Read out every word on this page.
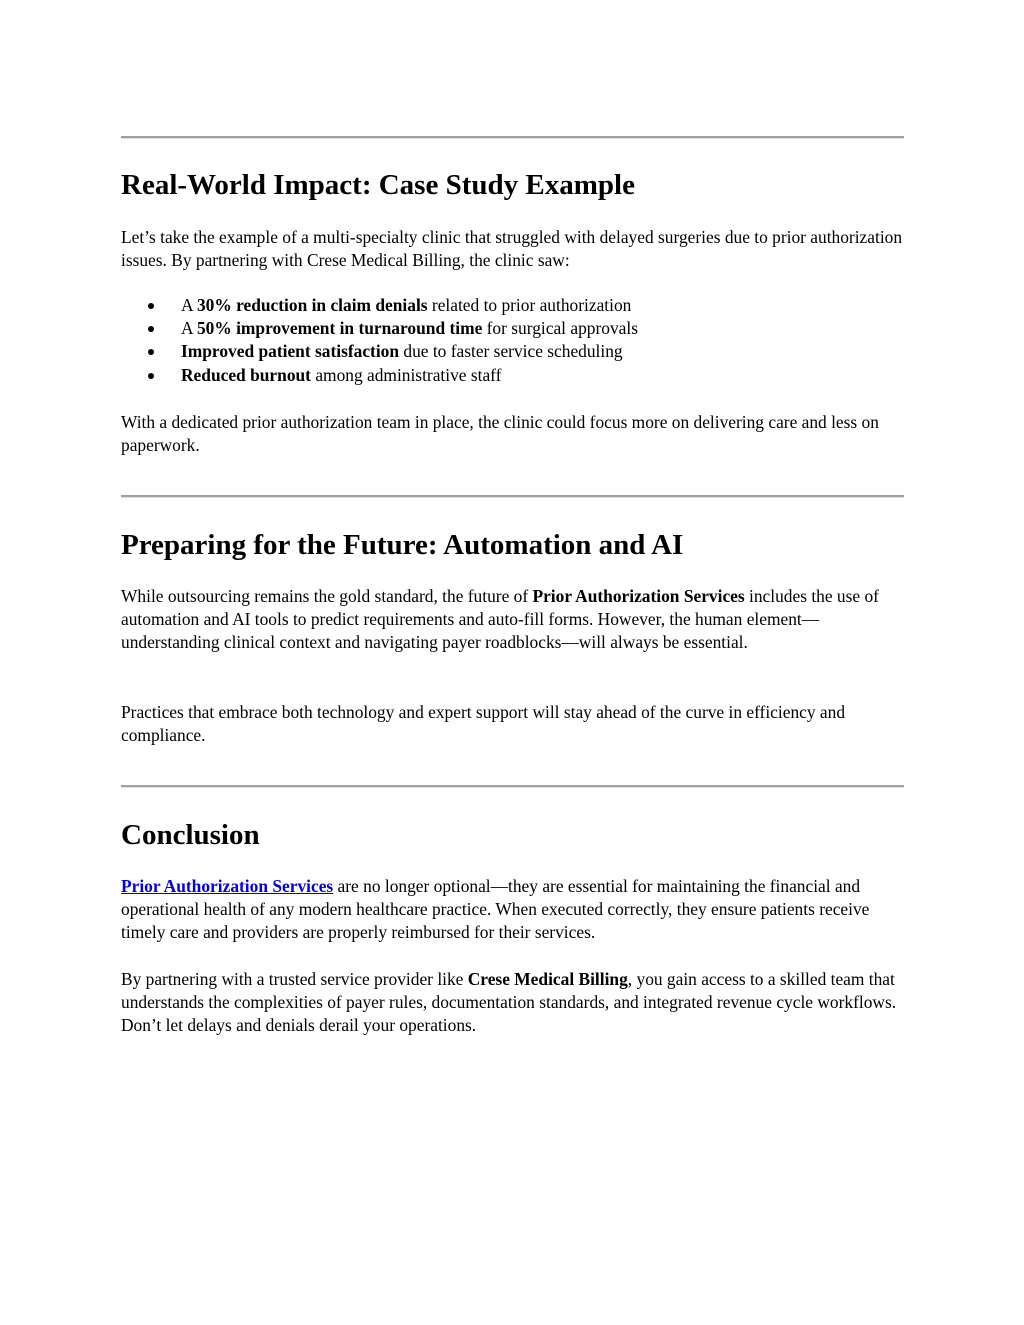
Real-World Impact: Case Study Example

Let’s take the example of a multi-specialty clinic that struggled with delayed surgeries due to prior authorization issues. By partnering with Crese Medical Billing, the clinic saw:

A 30% reduction in claim denials related to prior authorization
A 50% improvement in turnaround time for surgical approvals
Improved patient satisfaction due to faster service scheduling
Reduced burnout among administrative staff

With a dedicated prior authorization team in place, the clinic could focus more on delivering care and less on paperwork.

Preparing for the Future: Automation and AI

While outsourcing remains the gold standard, the future of Prior Authorization Services includes the use of automation and AI tools to predict requirements and auto-fill forms. However, the human element—understanding clinical context and navigating payer roadblocks—will always be essential.

Practices that embrace both technology and expert support will stay ahead of the curve in efficiency and compliance.

Conclusion

Prior Authorization Services are no longer optional—they are essential for maintaining the financial and operational health of any modern healthcare practice. When executed correctly, they ensure patients receive timely care and providers are properly reimbursed for their services.

By partnering with a trusted service provider like Crese Medical Billing, you gain access to a skilled team that understands the complexities of payer rules, documentation standards, and integrated revenue cycle workflows. Don’t let delays and denials derail your operations.
